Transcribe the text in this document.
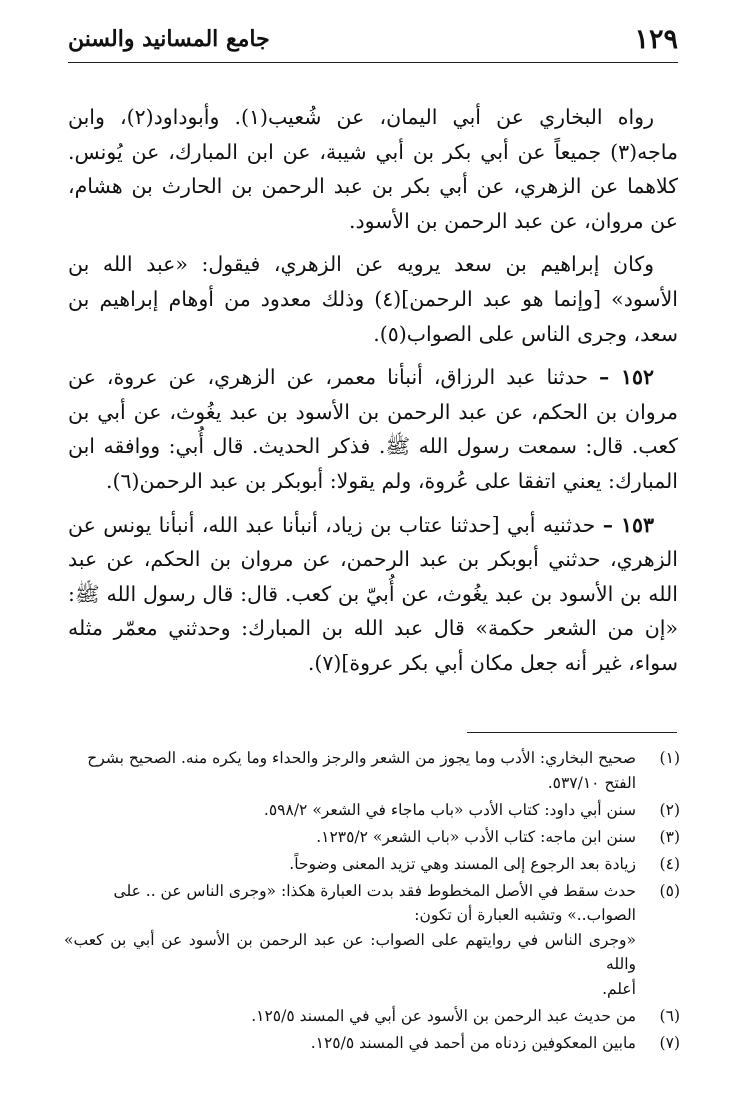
١٢٩
جامع المسانيد والسنن

رواه البخاري عن أبي اليمان، عن شُعيب(١). وأبوداود(٢)، وابن ماجه(٣) جميعاً عن أبي بكر بن أبي شيبة، عن ابن المبارك، عن يُونس. كلاهما عن الزهري، عن أبي بكر بن عبد الرحمن بن الحارث بن هشام، عن مروان، عن عبد الرحمن بن الأسود.

وكان إبراهيم بن سعد يرويه عن الزهري، فيقول: «عبد الله بن الأسود» [وإنما هو عبد الرحمن](٤) وذلك معدود من أوهام إبراهيم بن سعد، وجرى الناس على الصواب(٥).

١٥٢ – حدثنا عبد الرزاق، أنبأنا معمر، عن الزهري، عن عروة، عن مروان بن الحكم، عن عبد الرحمن بن الأسود بن عبد يغُوث، عن أبي بن كعب. قال: سمعت رسول الله ﷺ. فذكر الحديث. قال أُبي: ووافقه ابن المبارك: يعني اتفقا على عُروة، ولم يقولا: أبوبكر بن عبد الرحمن(٦).

١٥٣ – حدثنيه أبي [حدثنا عتاب بن زياد، أنبأنا عبد الله، أنبأنا يونس عن الزهري، حدثني أبوبكر بن عبد الرحمن، عن مروان بن الحكم، عن عبد الله بن الأسود بن عبد يغُوث، عن أُبيّ بن كعب. قال: قال رسول الله ﷺ: «إن من الشعر حكمة» قال عبد الله بن المبارك: وحدثني معمّر مثله سواء، غير أنه جعل مكان أبي بكر عروة](٧).

(١)
صحيح البخاري: الأدب وما يجوز من الشعر والرجز والحداء وما يكره منه. الصحيح بشرح
الفتح ٥٣٧/١٠.
(٢)
سنن أبي داود: كتاب الأدب «باب ماجاء في الشعر» ٥٩٨/٢.
(٣)
سنن ابن ماجه: كتاب الأدب «باب الشعر» ١٢٣٥/٢.
(٤)
زيادة بعد الرجوع إلى المسند وهي تزيد المعنى وضوحاً.
(٥)
حدث سقط في الأصل المخطوط فقد بدت العبارة هكذا: «وجرى الناس عن .. على
الصواب..» وتشبه العبارة أن تكون:
«وجرى الناس في روايتهم على الصواب: عن عبد الرحمن بن الأسود عن أبي بن كعب» والله
أعلم.
(٦)
من حديث عبد الرحمن بن الأسود عن أبي في المسند ١٢٥/٥.
(٧)
مابين المعكوفين زدناه من أحمد في المسند ١٢٥/٥.
